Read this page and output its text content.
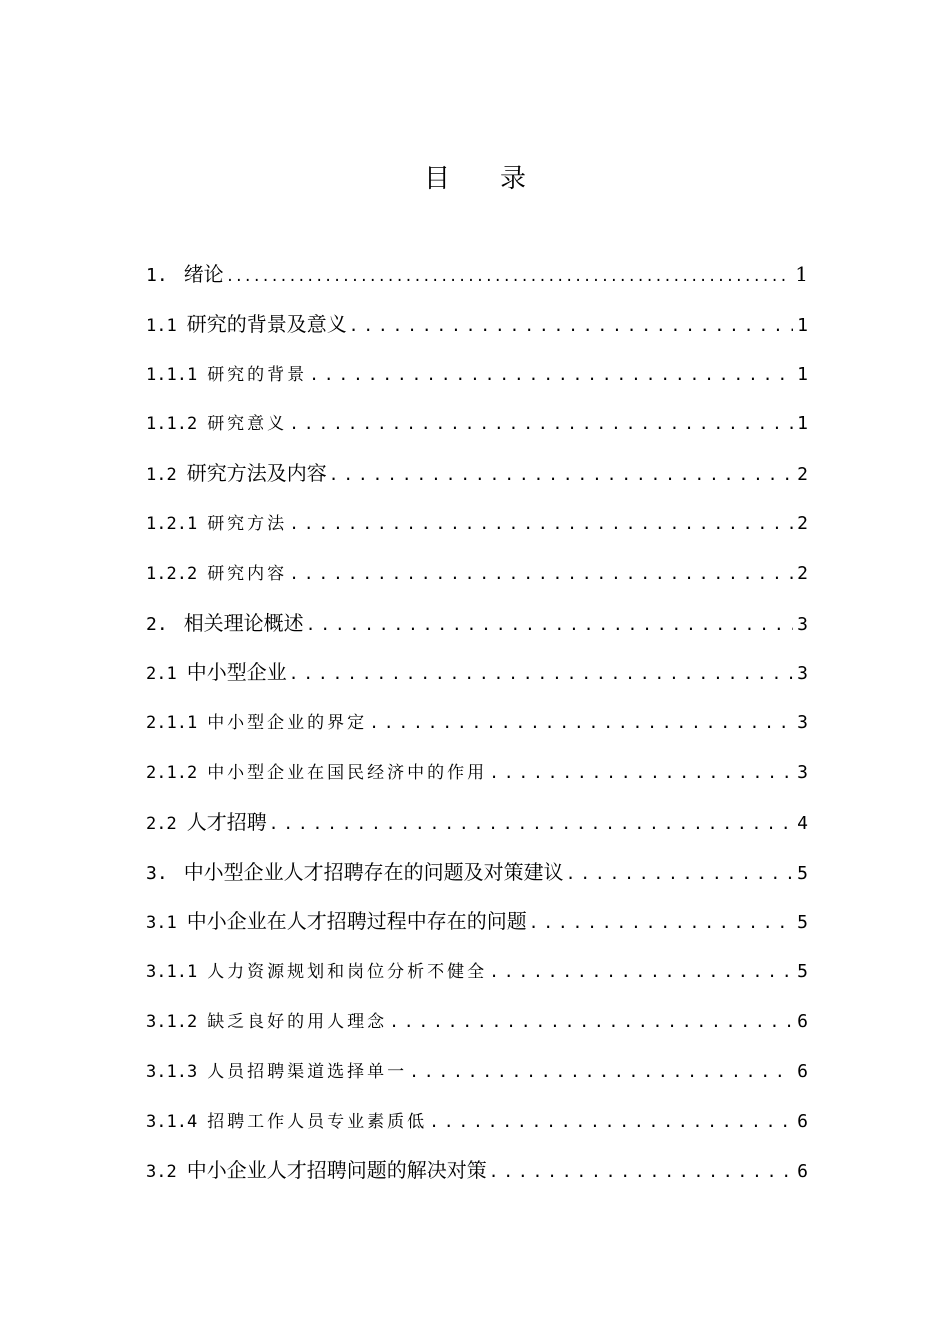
目 录
1. 绪论 .....	1
1.1 研究的背景及意义 .....	1
1.1.1 研究的背景 .....	1
1.1.2 研究意义 .....	1
1.2 研究方法及内容 .....	2
1.2.1 研究方法 .....	2
1.2.2 研究内容 .....	2
2. 相关理论概述 .....	3
2.1 中小型企业 .....	3
2.1.1 中小型企业的界定 .....	3
2.1.2 中小型企业在国民经济中的作用 .....	3
2.2 人才招聘 .....	4
3. 中小型企业人才招聘存在的问题及对策建议 .....	5
3.1 中小企业在人才招聘过程中存在的问题 .....	5
3.1.1 人力资源规划和岗位分析不健全 .....	5
3.1.2 缺乏良好的用人理念 .....	6
3.1.3 人员招聘渠道选择单一 .....	6
3.1.4 招聘工作人员专业素质低 .....	6
3.2 中小企业人才招聘问题的解决对策 .....	6
